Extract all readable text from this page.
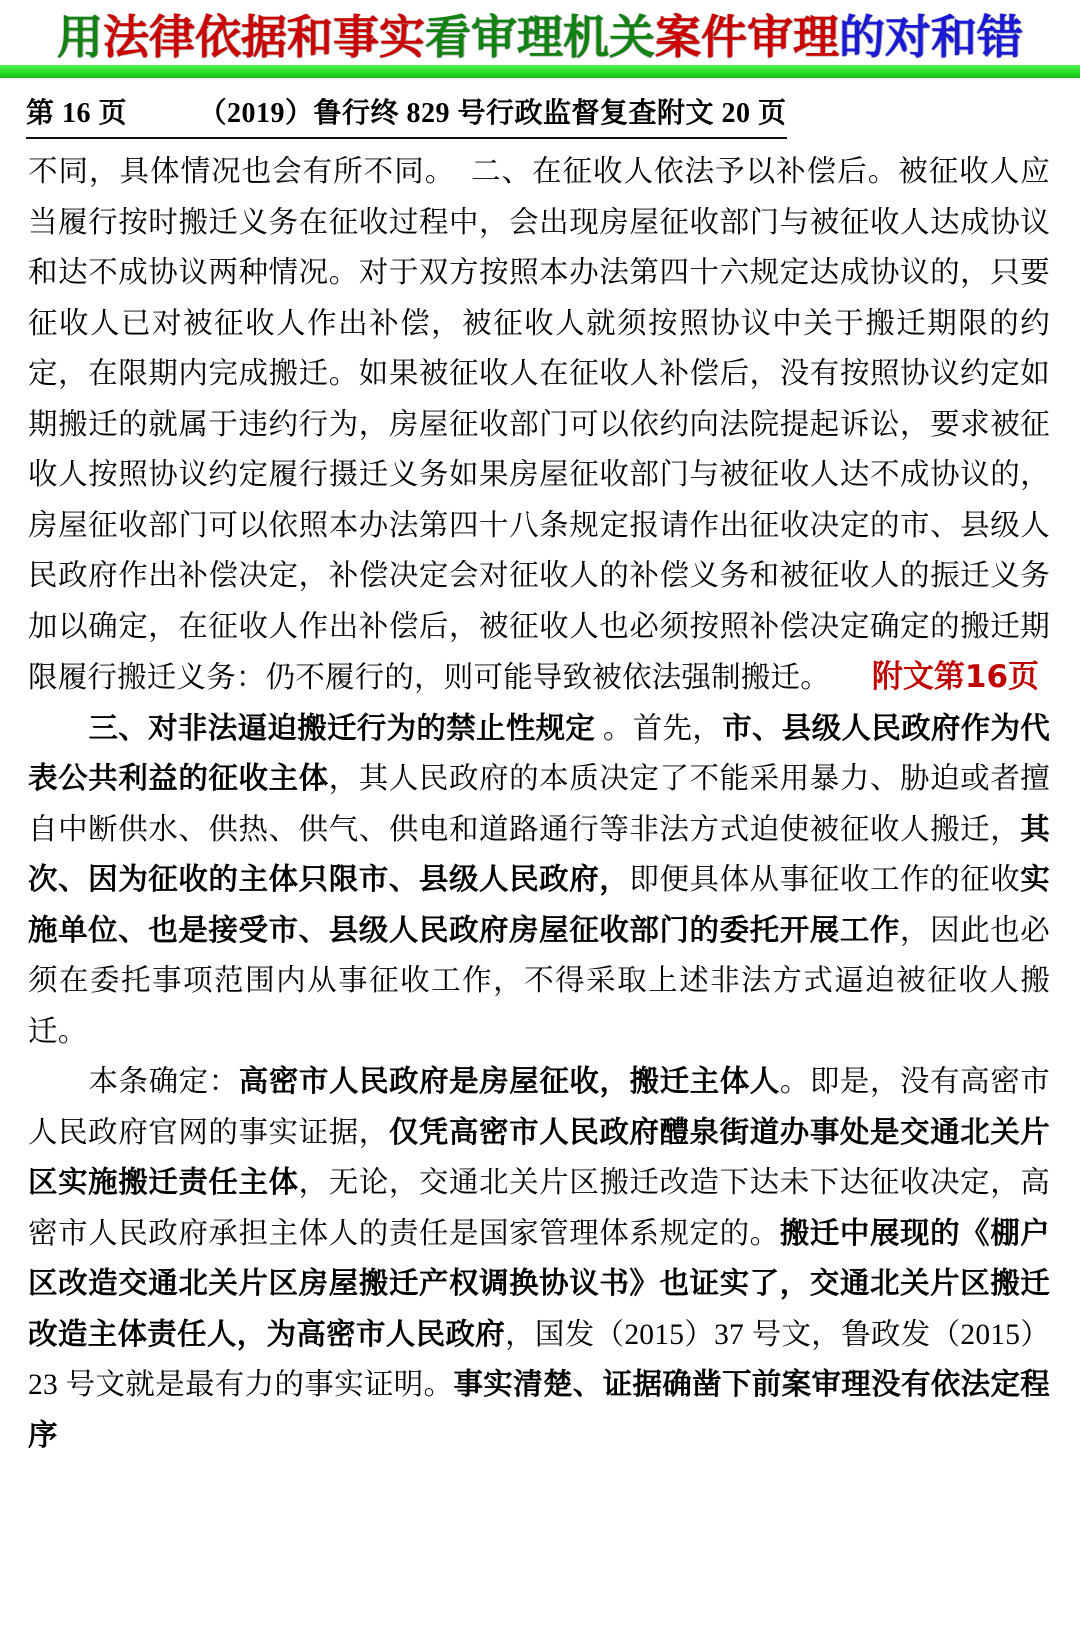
用法律依据和事实看审理机关案件审理的对和错
第 16 页　　　（2019）鲁行终 829 号行政监督复查附文 20 页

不同，具体情况也会有所不同。　二、在征收人依法予以补偿后。被征收人应当履行按时搬迁义务在征收过程中，会出现房屋征收部门与被征收人达成协议和达不成协议两种情况。对于双方按照本办法第四十六规定达成协议的，只要征收人已对被征收人作出补偿，被征收人就须按照协议中关于搬迁期限的约定，在限期内完成搬迁。如果被征收人在征收人补偿后，没有按照协议约定如期搬迁的就属于违约行为，房屋征收部门可以依约向法院提起诉讼，要求被征收人按照协议约定履行摄迁义务如果房屋征收部门与被征收人达不成协议的，房屋征收部门可以依照本办法第四十八条规定报请作出征收决定的市、县级人民政府作出补偿决定，补偿决定会对征收人的补偿义务和被征收人的振迁义务加以确定，在征收人作出补偿后，被征收人也必须按照补偿决定确定的搬迁期限履行搬迁义务：仍不履行的，则可能导致被依法强制搬迁。 附文第16页

三、对非法逼迫搬迁行为的禁止性规定 。首先，市、县级人民政府作为代表公共利益的征收主体，其人民政府的本质决定了不能采用暴力、胁迫或者擅自中断供水、供热、供气、供电和道路通行等非法方式迫使被征收人搬迁，其次、因为征收的主体只限市、县级人民政府，即便具体从事征收工作的征收实施单位、也是接受市、县级人民政府房屋征收部门的委托开展工作，因此也必须在委托事项范围内从事征收工作，不得采取上述非法方式逼迫被征收人搬迁。

本条确定：高密市人民政府是房屋征收，搬迁主体人。即是，没有高密市人民政府官网的事实证据，仅凭高密市人民政府醴泉街道办事处是交通北关片区实施搬迁责任主体，无论，交通北关片区搬迁改造下达未下达征收决定，高密市人民政府承担主体人的责任是国家管理体系规定的。搬迁中展现的《棚户区改造交通北关片区房屋搬迁产权调换协议书》也证实了，交通北关片区搬迁改造主体责任人，为高密市人民政府，国发（2015）37 号文，鲁政发（2015）23 号文就是最有力的事实证明。事实清楚、证据确凿下前案审理没有依法定程序
